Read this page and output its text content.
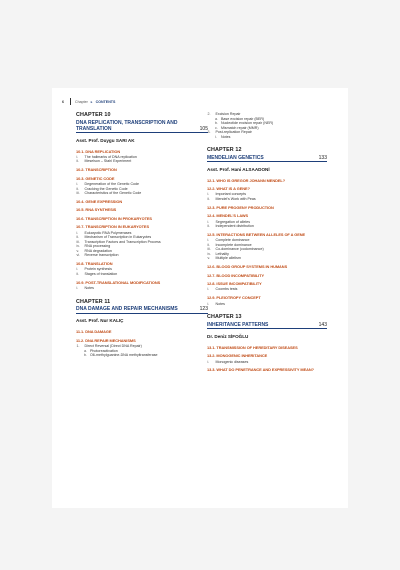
6	Chapter ▸ CONTENTS
CHAPTER 10
DNA REPLICATION, TRANSCRIPTION AND TRANSLATION	105
Asst. Prof. Duygu SARI AK
10.1. DNA REPLICATION
i.	The hallmarks of DNA replication
ii.	Meselson – Stahl Experiment
10.2. TRANSCRIPTION
10.3. GENETIC CODE
i.	Degeneration of the Genetic Code
ii.	Cracking the Genetic Code
iii.	Characteristics of the Genetic Code
10.4. GENE EXPRESSION
10.5. RNA SYNTHESIS
10.6. TRANSCRIPTION IN PROKARYOTES
10.7. TRANSCRIPTION IN EUKARYOTES
i.	Eukaryotic RNA Polymerases
ii.	Mechanism of Transcription in Eukaryotes
iii.	Transcription Factors and Transcription Process
iv.	RNA processing
v.	RNA degradation
vi.	Reverse transcription
10.8. TRANSLATION
i.	Protein synthesis
ii.	Stages of translation
10.9. POST-TRANSLATIONAL MODIFICATIONS
i.	Notes
CHAPTER 11
DNA DAMAGE AND REPAIR MECHANISMS	123
Asst. Prof. Nur KALIÇ
11.1. DNA DAMAGE
11.2. DNA REPAIR MECHANISMS
1.	Direct Reversal (Direct DNA Repair)
a. Photoreactivation
b. O6-methylguanine-DNA methyltransferase
2.	Excision Repair
a. Base excision repair (BER)
b. Nucleotide excision repair (NER)
c. Mismatch repair (MMR)
3.	Post-replication Repair
i.	Notes
CHAPTER 12
MENDELIAN GENETICS	133
Asst. Prof. Hani ALSAADONİ
12.1. WHO IS GREGOR JOHANN MENDEL?
12.2. WHAT IS A GENE?
i.	Important concepts
ii.	Mendel's Work with Peas
12.3. PURE PROGENY PRODUCTION
12.4. MENDEL'S LAWS
i.	Segregation of alleles
ii.	Independent distribution
12.5. INTERACTIONS BETWEEN ALLELES OF A GENE
i.	Complete dominance
ii.	Incomplete dominance
iii.	Co-dominance (codominance)
iv.	Lethality
v.	Multiple allelism
12.6. BLOOD GROUP SYSTEMS IN HUMANS
12.7. BLOOD INCOMPATIBILITY
12.8. ISSUE INCOMPATIBILITY
i.	Coombs tests
12.9. PLEIOTROPY CONCEPT
i.	Notes
CHAPTER 13
INHERITANCE PATTERNS	143
Dr. Deniz SİFOĞLU
13.1. TRANSMISSION OF HEREDITARY DISEASES
13.2. MONOGENIC INHERITANCE
i.	Monogenic diseases
13.3. WHAT DO PENETRANCE AND EXPRESSIVITY MEAN?
